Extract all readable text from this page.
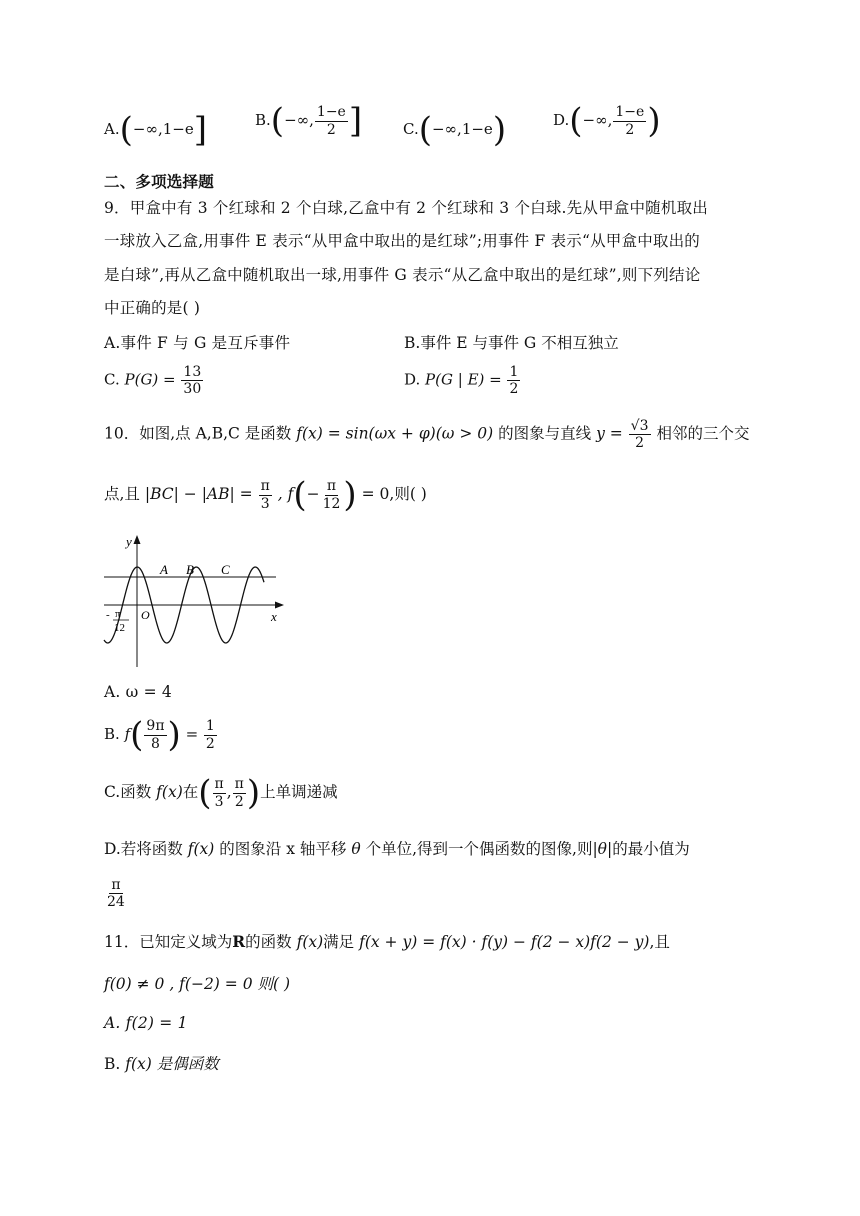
A.(−∞,1−e]	B.(−∞, $\frac{1-e}{2}$ ]	C.(−∞,1−e)	D.(−∞, $\frac{1-e}{2}$ )
二、多项选择题
9．甲盒中有 3 个红球和 2 个白球,乙盒中有 2 个红球和 3 个白球.先从甲盒中随机取出
一球放入乙盒,用事件 E 表示“从甲盒中取出的是红球”;用事件 F 表示“从甲盒中取出的
是白球”,再从乙盒中随机取出一球,用事件 G 表示“从乙盒中取出的是红球”,则下列结论
中正确的是( )
A.事件 F 与 G 是互斥事件	B.事件 E 与事件 G 不相互独立
C. $P(G) = \frac{13}{30}$	D. P(G | $E) = \frac{1}{2}$
10．如图,点 A,B,C 是函数 f(x) = sin(ωx + φ)(ω > 0) 的图象与直线 $y = \frac{√3}{2}$ 相邻的三个交
点,且 $|BC| - |AB| = \frac{\pi}{3}$ , $f(- \frac{\pi}{12}$ ) = 0,则( )
y
x
O
A B C
- π
12
A. ω = 4
B. $f( \frac{9\pi}{8}$ ) = $\frac{1}{2}$
C.函数 f(x)在( $\frac{\pi}{3}$ , $\frac{\pi}{2}$ )上单调递减
D.若将函数 f(x) 的图象沿 x 轴平移 θ 个单位,得到一个偶函数的图像,则|θ|的最小值为
$\frac{\pi}{24}$
11．已知定义域为R的函数 f(x)满足 f(x + y) = f(x) · f(y) − f(2 − x)f(2 − y),且
f(0) ≠ 0 , f(−2) = 0 则( )
A. f(2) = 1
B. f(x) 是偶函数
